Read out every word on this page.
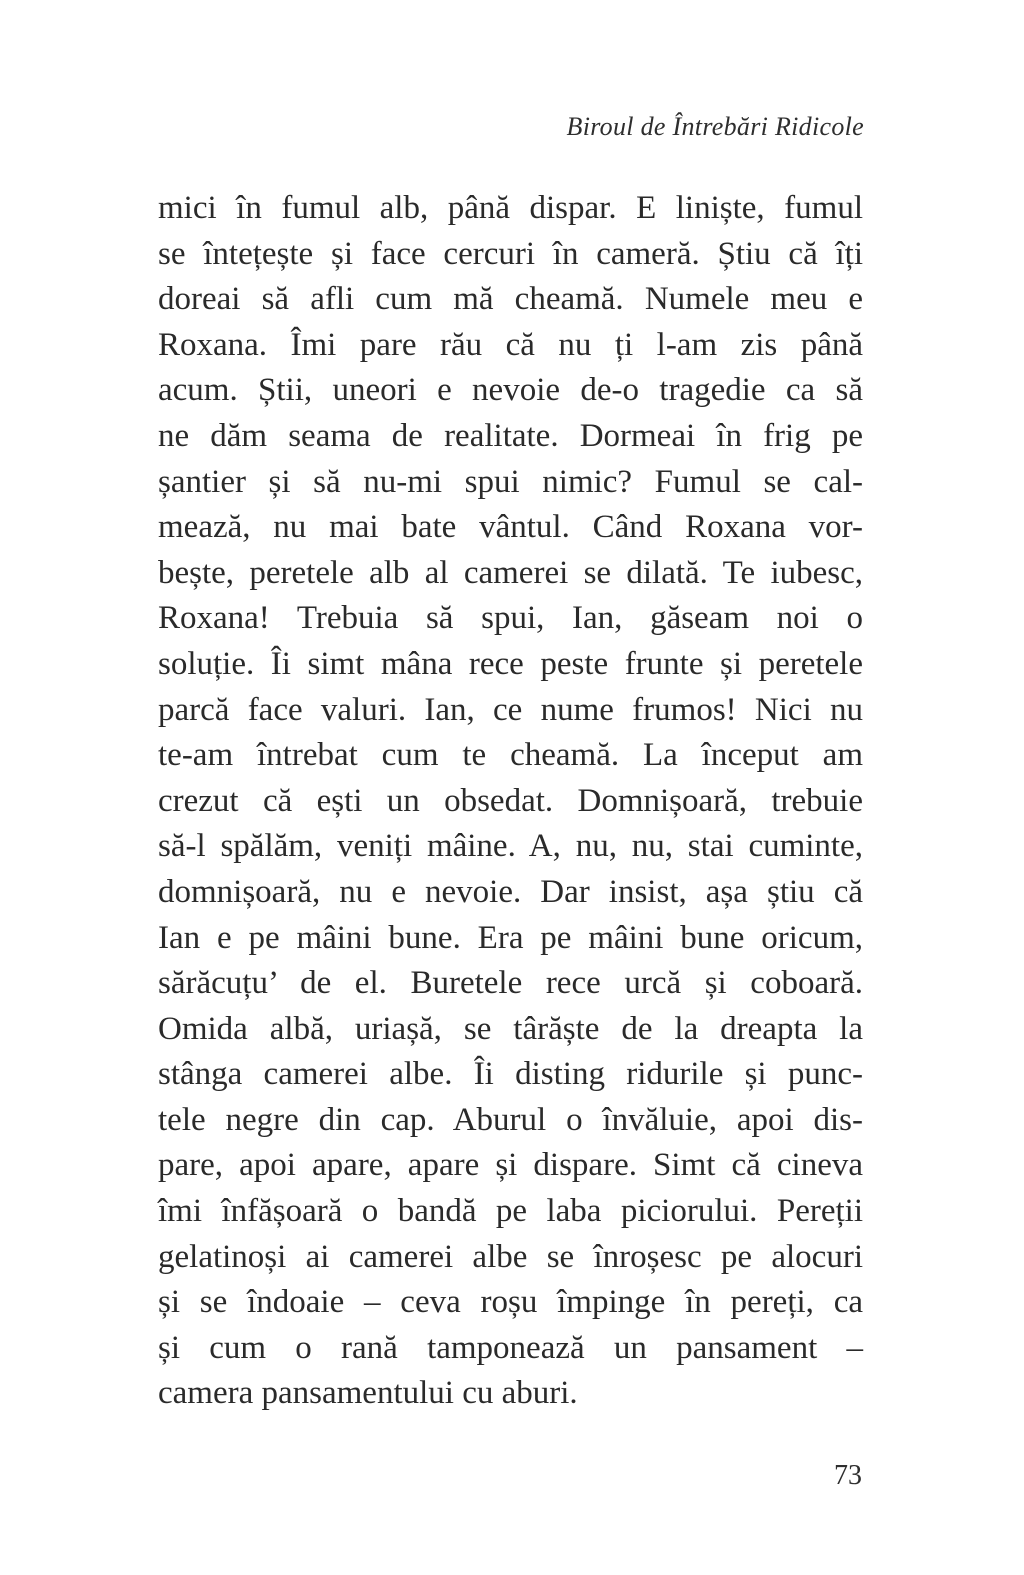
Biroul de Întrebări Ridicole
mici în fumul alb, până dispar. E liniște, fumul
se întețește și face cercuri în cameră. Știu că îți
doreai să afli cum mă cheamă. Numele meu e
Roxana. Îmi pare rău că nu ți l-am zis până
acum. Știi, uneori e nevoie de-o tragedie ca să
ne dăm seama de realitate. Dormeai în frig pe
șantier și să nu-mi spui nimic? Fumul se cal-
mează, nu mai bate vântul. Când Roxana vor-
bește, peretele alb al camerei se dilată. Te iubesc,
Roxana! Trebuia să spui, Ian, găseam noi o
soluție. Îi simt mâna rece peste frunte și peretele
parcă face valuri. Ian, ce nume frumos! Nici nu
te-am întrebat cum te cheamă. La început am
crezut că ești un obsedat. Domnișoară, trebuie
să-l spălăm, veniți mâine. A, nu, nu, stai cuminte,
domnișoară, nu e nevoie. Dar insist, așa știu că
Ian e pe mâini bune. Era pe mâini bune oricum,
sărăcuțu’ de el. Buretele rece urcă și coboară.
Omida albă, uriașă, se târăște de la dreapta la
stânga camerei albe. Îi disting ridurile și punc-
tele negre din cap. Aburul o învăluie, apoi dis-
pare, apoi apare, apare și dispare. Simt că cineva
îmi înfășoară o bandă pe laba piciorului. Pereții
gelatinoși ai camerei albe se înroșesc pe alocuri
și se îndoaie – ceva roșu împinge în pereți, ca
și cum o rană tamponează un pansament –
camera pansamentului cu aburi.
73
